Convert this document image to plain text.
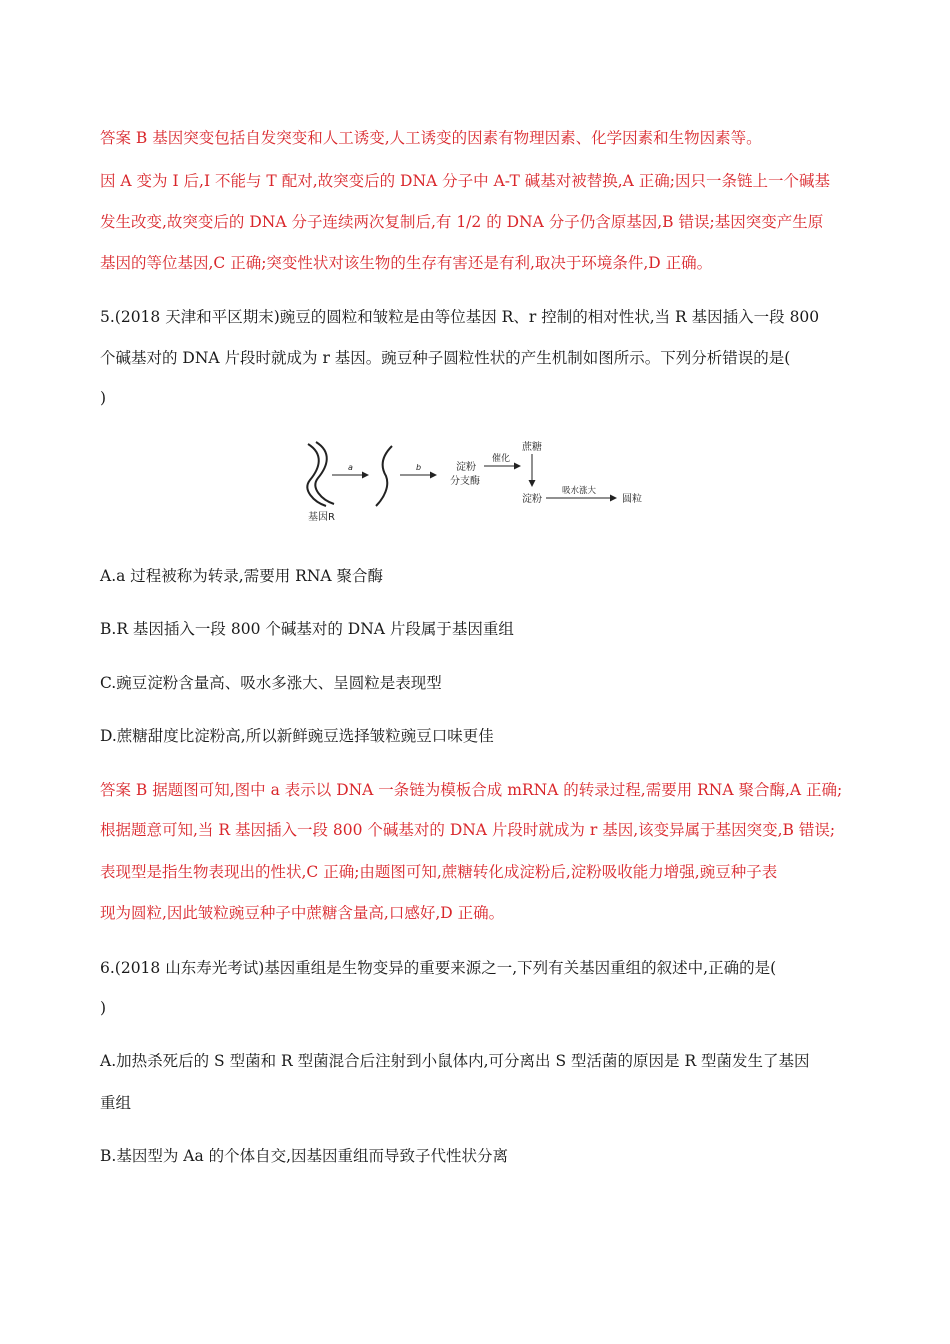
答案 B 基因突变包括自发突变和人工诱变,人工诱变的因素有物理因素、化学因素和生物因素等。
因 A 变为 I 后,I 不能与 T 配对,故突变后的 DNA 分子中 A-T 碱基对被替换,A 正确;因只一条链上一个碱基
发生改变,故突变后的 DNA 分子连续两次复制后,有 1/2 的 DNA 分子仍含原基因,B 错误;基因突变产生原
基因的等位基因,C 正确;突变性状对该生物的生存有害还是有利,取决于环境条件,D 正确。
5.(2018 天津和平区期末)豌豆的圆粒和皱粒是由等位基因 R、r 控制的相对性状,当 R 基因插入一段 800
个碱基对的 DNA 片段时就成为 r 基因。豌豆种子圆粒性状的产生机制如图所示。下列分析错误的是(
)
基因R
a	b	淀粉
分支酶
催化
蔗糖
淀粉
吸水涨大
圆粒
A.a 过程被称为转录,需要用 RNA 聚合酶
B.R 基因插入一段 800 个碱基对的 DNA 片段属于基因重组
C.豌豆淀粉含量高、吸水多涨大、呈圆粒是表现型
D.蔗糖甜度比淀粉高,所以新鲜豌豆选择皱粒豌豆口味更佳
答案 B 据题图可知,图中 a 表示以 DNA 一条链为模板合成 mRNA 的转录过程,需要用 RNA 聚合酶,A 正确;
根据题意可知,当 R 基因插入一段 800 个碱基对的 DNA 片段时就成为 r 基因,该变异属于基因突变,B 错误;
表现型是指生物表现出的性状,C 正确;由题图可知,蔗糖转化成淀粉后,淀粉吸收能力增强,豌豆种子表
现为圆粒,因此皱粒豌豆种子中蔗糖含量高,口感好,D 正确。
6.(2018 山东寿光考试)基因重组是生物变异的重要来源之一,下列有关基因重组的叙述中,正确的是(
)
A.加热杀死后的 S 型菌和 R 型菌混合后注射到小鼠体内,可分离出 S 型活菌的原因是 R 型菌发生了基因
重组
B.基因型为 Aa 的个体自交,因基因重组而导致子代性状分离
